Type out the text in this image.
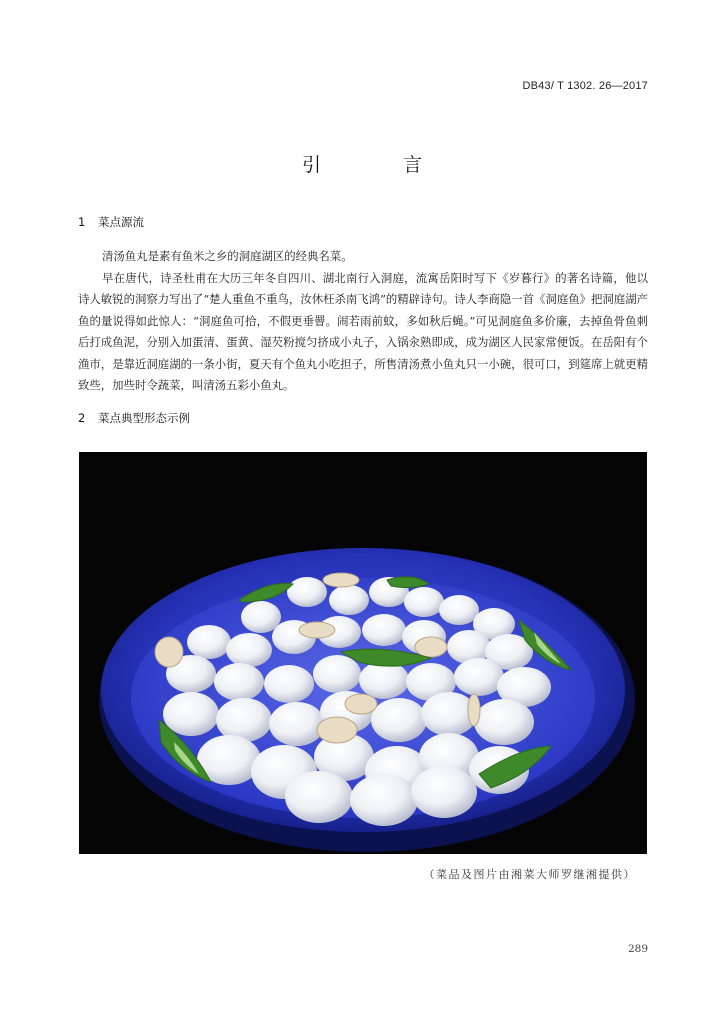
DB43/ T 1302. 26—2017
引 言
1 菜点源流

清汤鱼丸是素有鱼米之乡的洞庭湖区的经典名菜。

早在唐代，诗圣杜甫在大历三年冬自四川、湖北南行入洞庭，流寓岳阳时写下《岁暮行》的著名诗篇，他以诗人敏锐的洞察力写出了“楚人重鱼不重鸟，汝休枉杀南飞鸿”的精辟诗句。诗人李商隐一首《洞庭鱼》把洞庭湖产鱼的量说得如此惊人：“洞庭鱼可拾，不假更垂罾。闹若雨前蚊，多如秋后蝇。”可见洞庭鱼多价廉，去掉鱼骨鱼刺后打成鱼泥，分别入加蛋清、蛋黄、湿芡粉搅匀挤成小丸子，入锅汆熟即成，成为湖区人民家常便饭。在岳阳有个渔市，是靠近洞庭湖的一条小街，夏天有个鱼丸小吃担子，所售清汤煮小鱼丸只一小碗，很可口，到筵席上就更精致些，加些时令蔬菜，叫清汤五彩小鱼丸。

2 菜点典型形态示例
（菜品及图片由湘菜大师罗继湘提供）
289
